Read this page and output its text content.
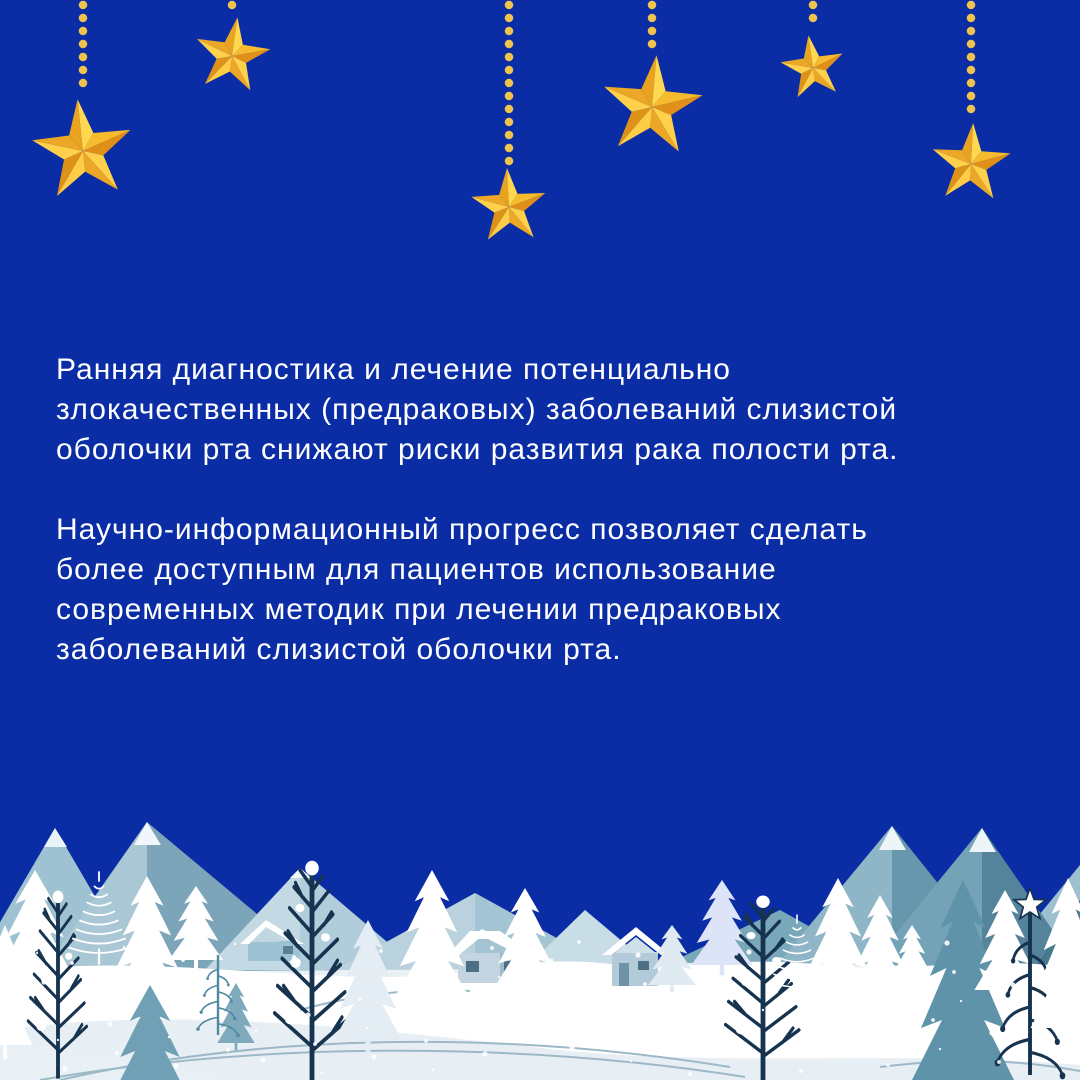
Ранняя диагностика и лечение потенциально
злокачественных (предраковых) заболеваний слизистой
оболочки рта снижают риски развития рака полости рта.
Научно-информационный прогресс позволяет сделать
более доступным для пациентов использование
современных методик при лечении предраковых
заболеваний слизистой оболочки рта.
